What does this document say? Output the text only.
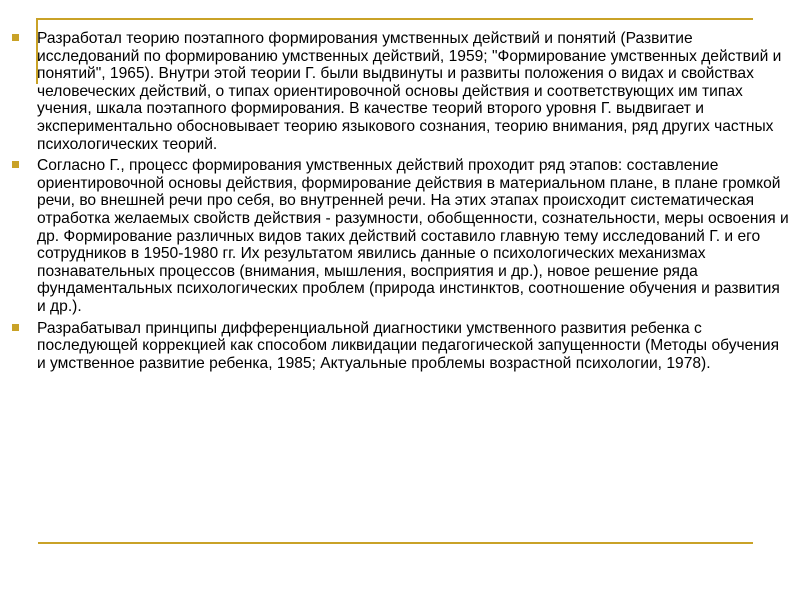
Разработал теорию поэтапного формирования умственных действий и понятий (Развитие исследований по формированию умственных действий, 1959; "Формирование умственных действий и понятий", 1965). Внутри этой теории Г. были выдвинуты и развиты положения о видах и свойствах человеческих действий, о типах ориентировочной основы действия и соответствующих им типах учения, шкала поэтапного формирования. В качестве теорий второго уровня Г. выдвигает и экспериментально обосновывает теорию языкового сознания, теорию внимания, ряд других частных психологических теорий.
Согласно Г., процесс формирования умственных действий проходит ряд этапов: составление ориентировочной основы действия, формирование действия в материальном плане, в плане громкой речи, во внешней речи про себя, во внутренней речи. На этих этапах происходит систематическая отработка желаемых свойств действия - разумности, обобщенности, сознательности, меры освоения и др. Формирование различных видов таких действий составило главную тему исследований Г. и его сотрудников в 1950-1980 гг. Их результатом явились данные о психологических механизмах познавательных процессов (внимания, мышления, восприятия и др.), новое решение ряда фундаментальных психологических проблем (природа инстинктов, соотношение обучения и развития и др.).
Разрабатывал принципы дифференциальной диагностики умственного развития ребенка с последующей коррекцией как способом ликвидации педагогической запущенности (Методы обучения и умственное развитие ребенка, 1985; Актуальные проблемы возрастной психологии, 1978).
